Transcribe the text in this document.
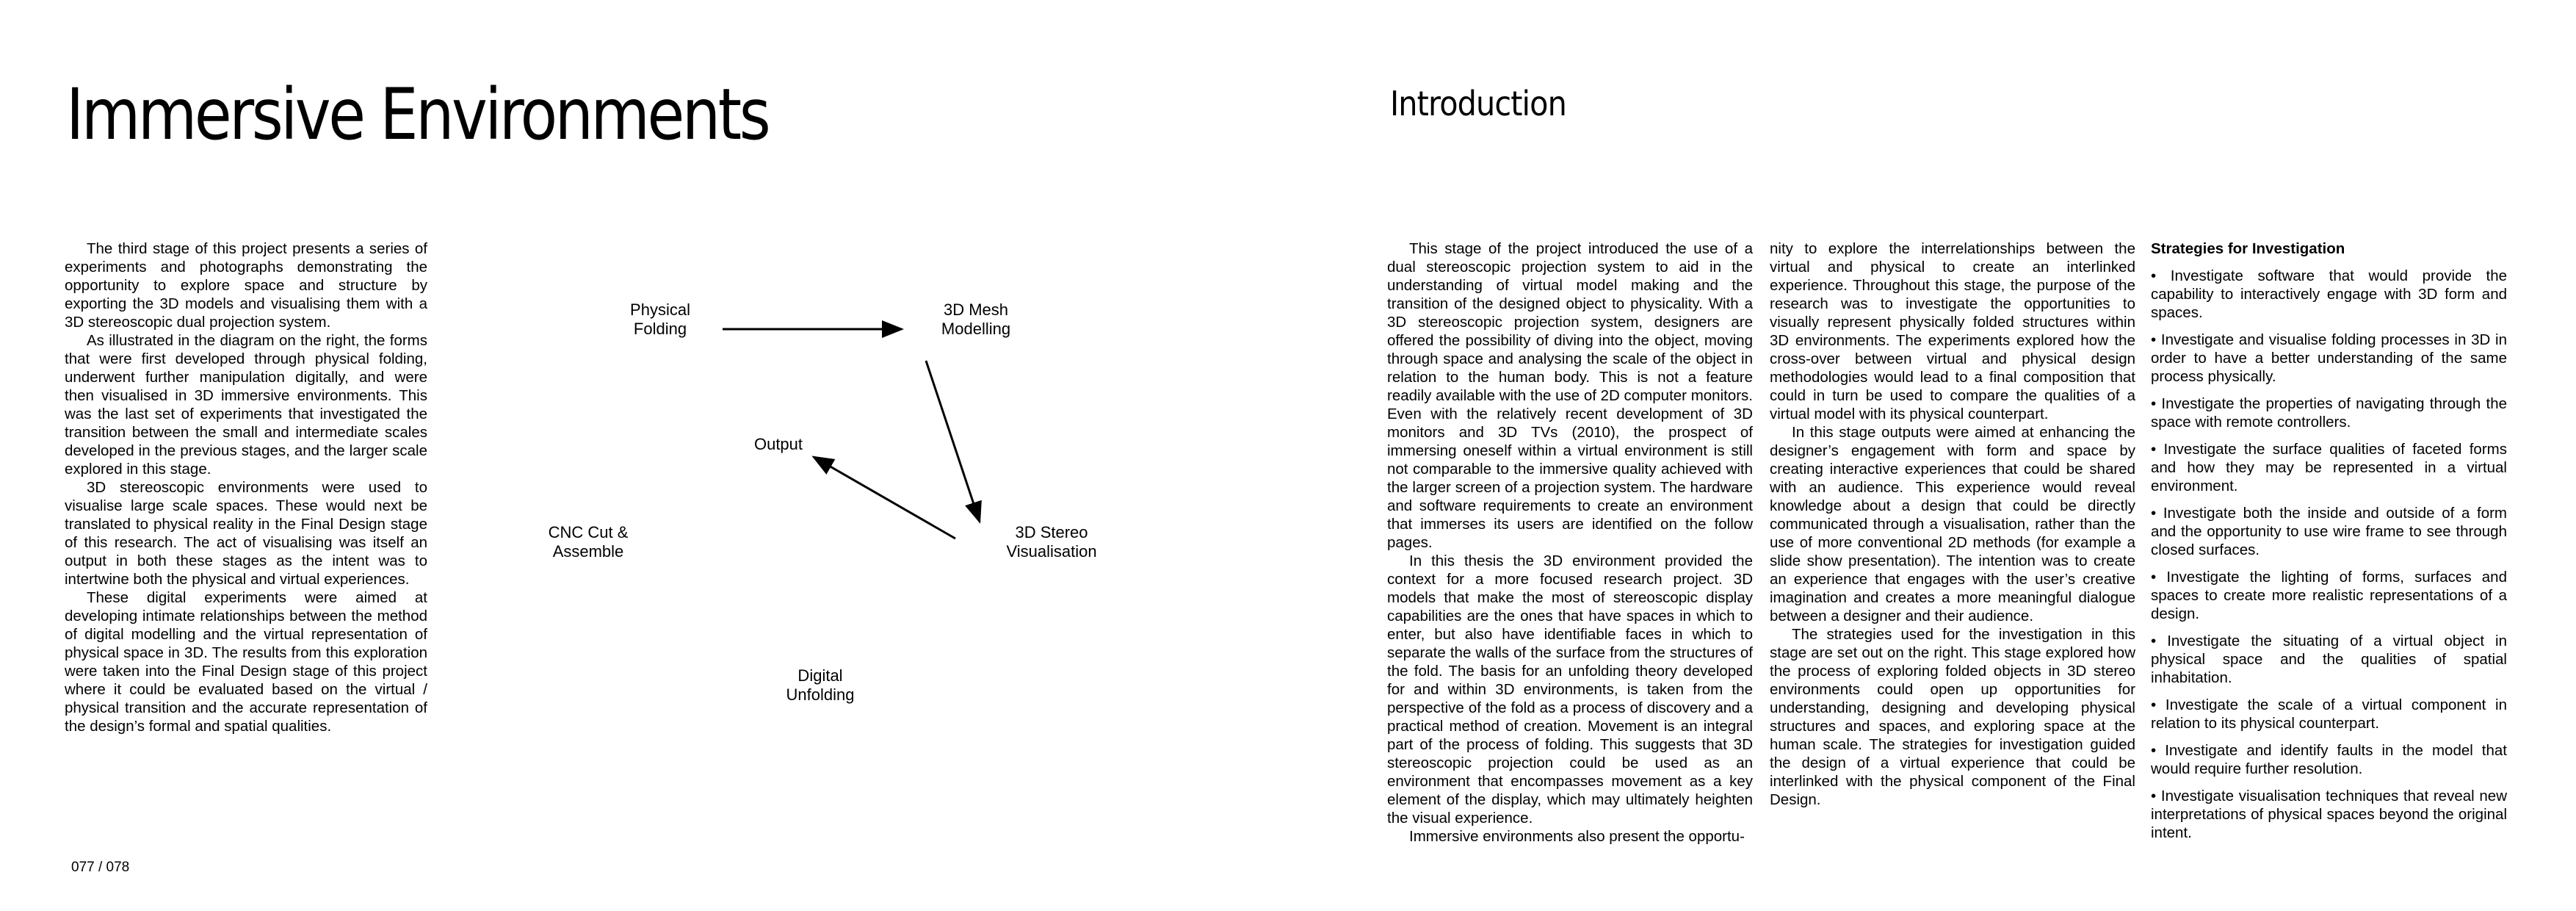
Immersive Environments

The third stage of this project presents a series of experiments and photographs demonstrating the opportunity to explore space and structure by exporting the 3D models and visualising them with a 3D stereoscopic dual projection system.

As illustrated in the diagram on the right, the forms that were first developed through physical folding, underwent further manipulation digitally, and were then visualised in 3D immersive environments. This was the last set of experiments that investigated the transition between the small and intermediate scales developed in the previous stages, and the larger scale explored in this stage.

3D stereoscopic environments were used to visualise large scale spaces. These would next be translated to physical reality in the Final Design stage of this research. The act of visualising was itself an output in both these stages as the intent was to intertwine both the physical and virtual experiences.

These digital experiments were aimed at developing intimate relationships between the method of digital modelling and the virtual representation of physical space in 3D. The results from this exploration were taken into the Final Design stage of this project where it could be evaluated based on the virtual / physical transition and the accurate representation of the design’s formal and spatial qualities.

Physical
Folding
3D Mesh
Modelling
Output
3D Stereo
Visualisation
CNC Cut &
Assemble
Digital
Unfolding
077 / 078
Introduction

This stage of the project introduced the use of a dual stereoscopic projection system to aid in the understanding of virtual model making and the transition of the designed object to physicality. With a 3D stereoscopic projection system, designers are offered the possibility of diving into the object, moving through space and analysing the scale of the object in relation to the human body. This is not a feature readily available with the use of 2D computer monitors. Even with the relatively recent development of 3D monitors and 3D TVs (2010), the prospect of immersing oneself within a virtual environment is still not comparable to the immersive quality achieved with the larger screen of a projection system. The hardware and software requirements to create an environment that immerses its users are identified on the follow pages.

In this thesis the 3D environment provided the context for a more focused research project. 3D models that make the most of stereoscopic display capabilities are the ones that have spaces in which to enter, but also have identifiable faces in which to separate the walls of the surface from the structures of the fold. The basis for an unfolding theory developed for and within 3D environments, is taken from the perspective of the fold as a process of discovery and a practical method of creation. Movement is an integral part of the process of folding. This suggests that 3D stereoscopic projection could be used as an environment that encompasses movement as a key element of the display, which may ultimately heighten the visual experience.

Immersive environments also present the opportu-

nity to explore the interrelationships between the virtual and physical to create an interlinked experience. Throughout this stage, the purpose of the research was to investigate the opportunities to visually represent physically folded structures within 3D environments. The experiments explored how the cross-over between virtual and physical design methodologies would lead to a final composition that could in turn be used to compare the qualities of a virtual model with its physical counterpart.

In this stage outputs were aimed at enhancing the designer’s engagement with form and space by creating interactive experiences that could be shared with an audience. This experience would reveal knowledge about a design that could be directly communicated through a visualisation, rather than the use of more conventional 2D methods (for example a slide show presentation). The intention was to create an experience that engages with the user’s creative imagination and creates a more meaningful dialogue between a designer and their audience.

The strategies used for the investigation in this stage are set out on the right. This stage explored how the process of exploring folded objects in 3D stereo environments could open up opportunities for understanding, designing and developing physical structures and spaces, and exploring space at the human scale. The strategies for investigation guided the design of a virtual experience that could be interlinked with the physical component of the Final Design.

Strategies for Investigation
• Investigate software that would provide the capability to interactively engage with 3D form and spaces.
• Investigate and visualise folding processes in 3D in order to have a better understanding of the same process physically.
• Investigate the properties of navigating through the space with remote controllers.
• Investigate the surface qualities of faceted forms and how they may be represented in a virtual environment.
• Investigate both the inside and outside of a form and the opportunity to use wire frame to see through closed surfaces.
• Investigate the lighting of forms, surfaces and spaces to create more realistic representations of a design.
• Investigate the situating of a virtual object in physical space and the qualities of spatial inhabitation.
• Investigate the scale of a virtual component in relation to its physical counterpart.
• Investigate and identify faults in the model that would require further resolution.
• Investigate visualisation techniques that reveal new interpretations of physical spaces beyond the original intent.
